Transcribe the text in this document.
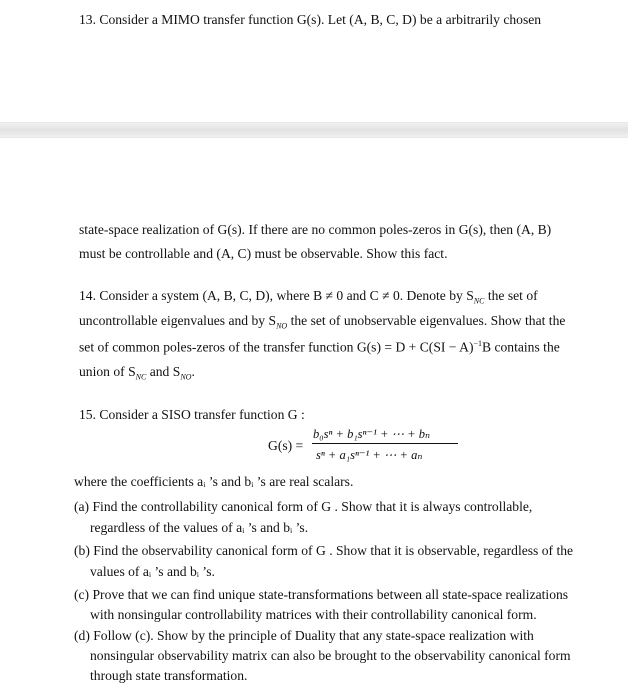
13. Consider a MIMO transfer function G(s). Let (A, B, C, D) be a arbitrarily chosen
state-space realization of G(s). If there are no common poles-zeros in G(s), then (A, B)
must be controllable and (A, C) must be observable. Show this fact.
14. Consider a system (A, B, C, D), where B ≠ 0 and C ≠ 0. Denote by $S_{NC}$ the set of
uncontrollable eigenvalues and by $S_{NO}$ the set of unobservable eigenvalues. Show that the
set of common poles-zeros of the transfer function G(s) = D + C(SI − A)$^{-1}$B contains the
union of $S_{NC}$ and $S_{NO}$.
15. Consider a SISO transfer function G :
G(s) =
b₀sⁿ + b₁sⁿ⁻¹ + ⋯ + bₙ
sⁿ + a₁sⁿ⁻¹ + ⋯ + aₙ
where the coefficients aᵢ ’s and bᵢ ’s are real scalars.
(a) Find the controllability canonical form of G . Show that it is always controllable,
regardless of the values of aᵢ ’s and bᵢ ’s.
(b) Find the observability canonical form of G . Show that it is observable, regardless of the
values of aᵢ ’s and bᵢ ’s.
(c) Prove that we can find unique state-transformations between all state-space realizations
with nonsingular controllability matrices with their controllability canonical form.
(d) Follow (c). Show by the principle of Duality that any state-space realization with
nonsingular observability matrix can also be brought to the observability canonical form
through state transformation.
